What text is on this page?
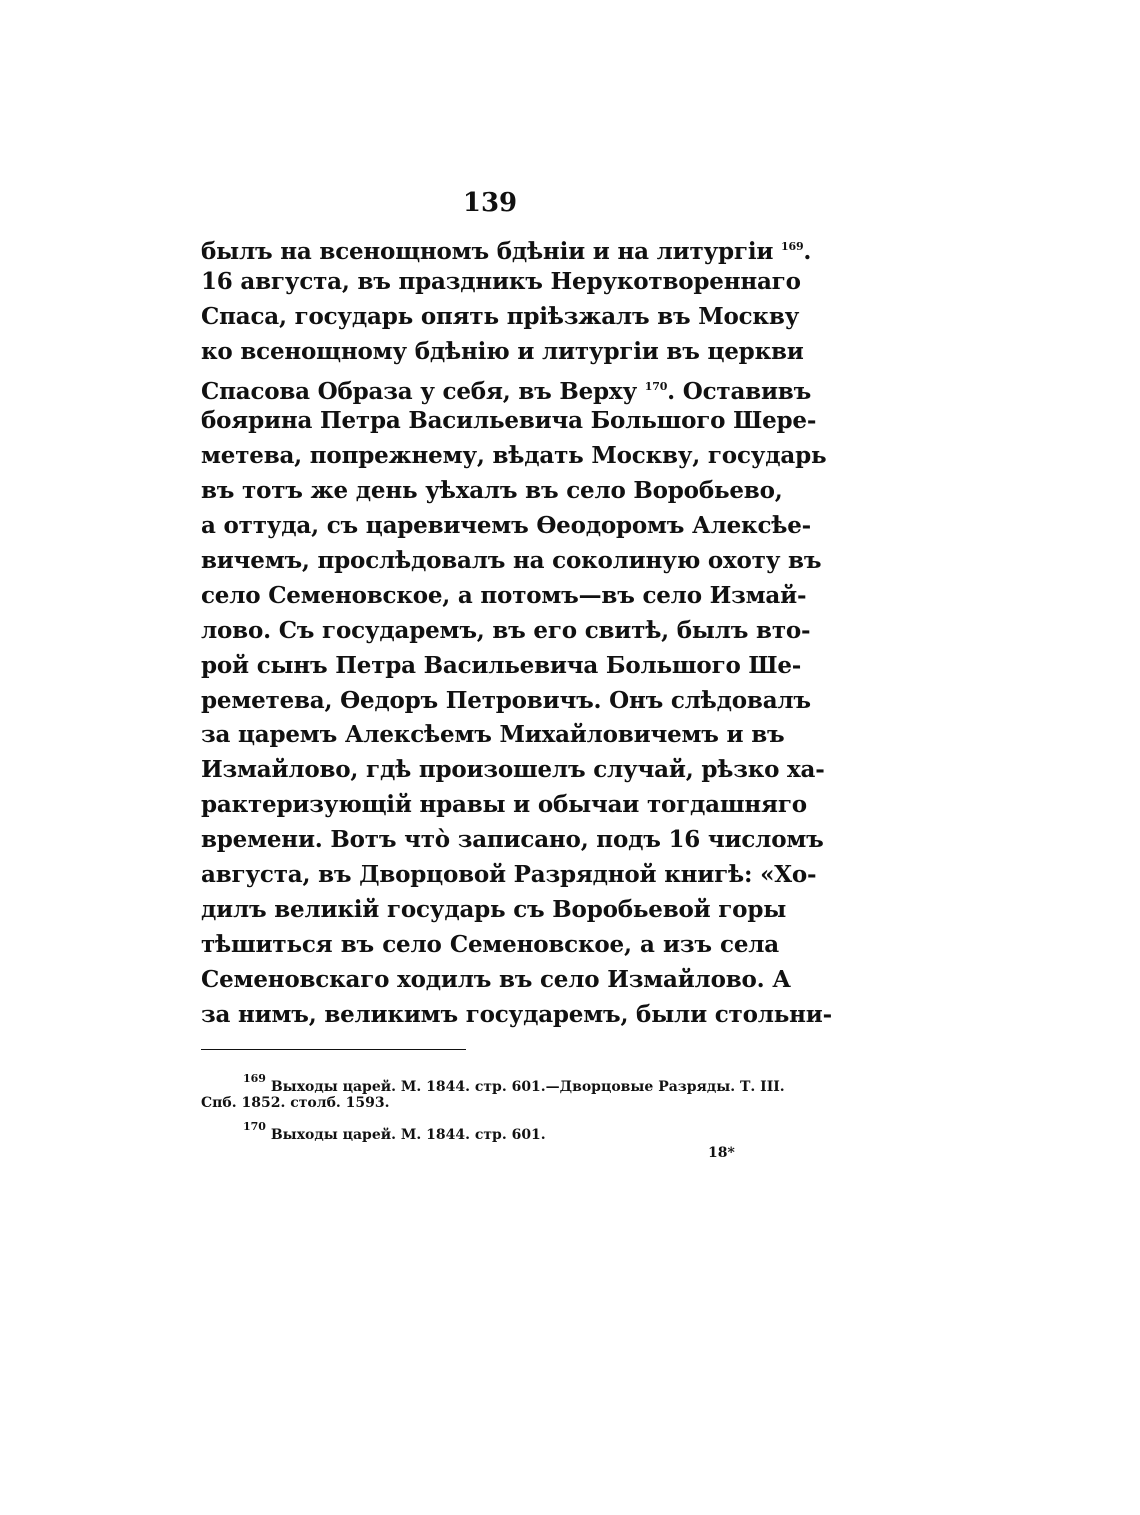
139
былъ на всенощномъ бдѣніи и на литургіи $^{169}$.
16 августа, въ праздникъ Нерукотвореннаго
Спаса, государь опять пріѣзжалъ въ Москву
ко всенощному бдѣнію и литургіи въ церкви
Спасова Образа у себя, въ Верху $^{170}$. Оставивъ
боярина Петра Васильевича Большого Шере-
метева, попрежнему, вѣдать Москву, государь
въ тотъ же день уѣхалъ въ село Воробьево,
а оттуда, съ царевичемъ Ѳеодоромъ Алексѣе-
вичемъ, прослѣдовалъ на соколиную охоту въ
село Семеновское, а потомъ—въ село Измай-
лово. Съ государемъ, въ его свитѣ, былъ вто-
рой сынъ Петра Васильевича Большого Ше-
реметева, Ѳедоръ Петровичъ. Онъ слѣдовалъ
за царемъ Алексѣемъ Михайловичемъ и въ
Измайлово, гдѣ произошелъ случай, рѣзко ха-
рактеризующій нравы и обычаи тогдашняго
времени. Вотъ что̀ записано, подъ 16 числомъ
августа, въ Дворцовой Разрядной книгѣ: «Хо-
дилъ великій государь съ Воробьевой горы
тѣшиться въ село Семеновское, а изъ села
Семеновскаго ходилъ въ село Измайлово. А
за нимъ, великимъ государемъ, были стольни-
$^{169}$ Выходы царей. М. 1844. стр. 601.—Дворцовые Разряды. Т. III.
Спб. 1852. столб. 1593.
$^{170}$ Выходы царей. М. 1844. стр. 601.
18*
